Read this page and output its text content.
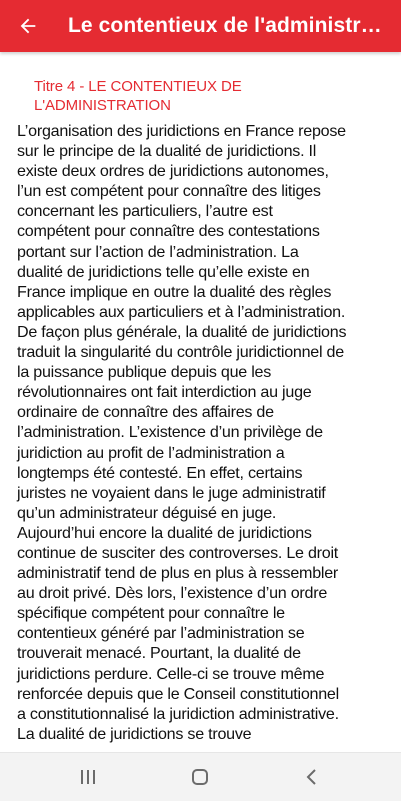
Le contentieux de l'administr…
Titre 4 - LE CONTENTIEUX DE L'ADMINISTRATION
L’organisation des juridictions en France repose
sur le principe de la dualité de juridictions. Il
existe deux ordres de juridictions autonomes,
l’un est compétent pour connaître des litiges
concernant les particuliers, l’autre est
compétent pour connaître des contestations
portant sur l’action de l’administration. La
dualité de juridictions telle qu’elle existe en
France implique en outre la dualité des règles
applicables aux particuliers et à l’administration.
De façon plus générale, la dualité de juridictions
traduit la singularité du contrôle juridictionnel de
la puissance publique depuis que les
révolutionnaires ont fait interdiction au juge
ordinaire de connaître des affaires de
l’administration. L’existence d’un privilège de
juridiction au profit de l’administration a
longtemps été contesté. En effet, certains
juristes ne voyaient dans le juge administratif
qu’un administrateur déguisé en juge.
Aujourd’hui encore la dualité de juridictions
continue de susciter des controverses. Le droit
administratif tend de plus en plus à ressembler
au droit privé. Dès lors, l’existence d’un ordre
spécifique compétent pour connaître le
contentieux généré par l’administration se
trouverait menacé. Pourtant, la dualité de
juridictions perdure. Celle-ci se trouve même
renforcée depuis que le Conseil constitutionnel
a constitutionnalisé la juridiction administrative.
La dualité de juridictions se trouve
